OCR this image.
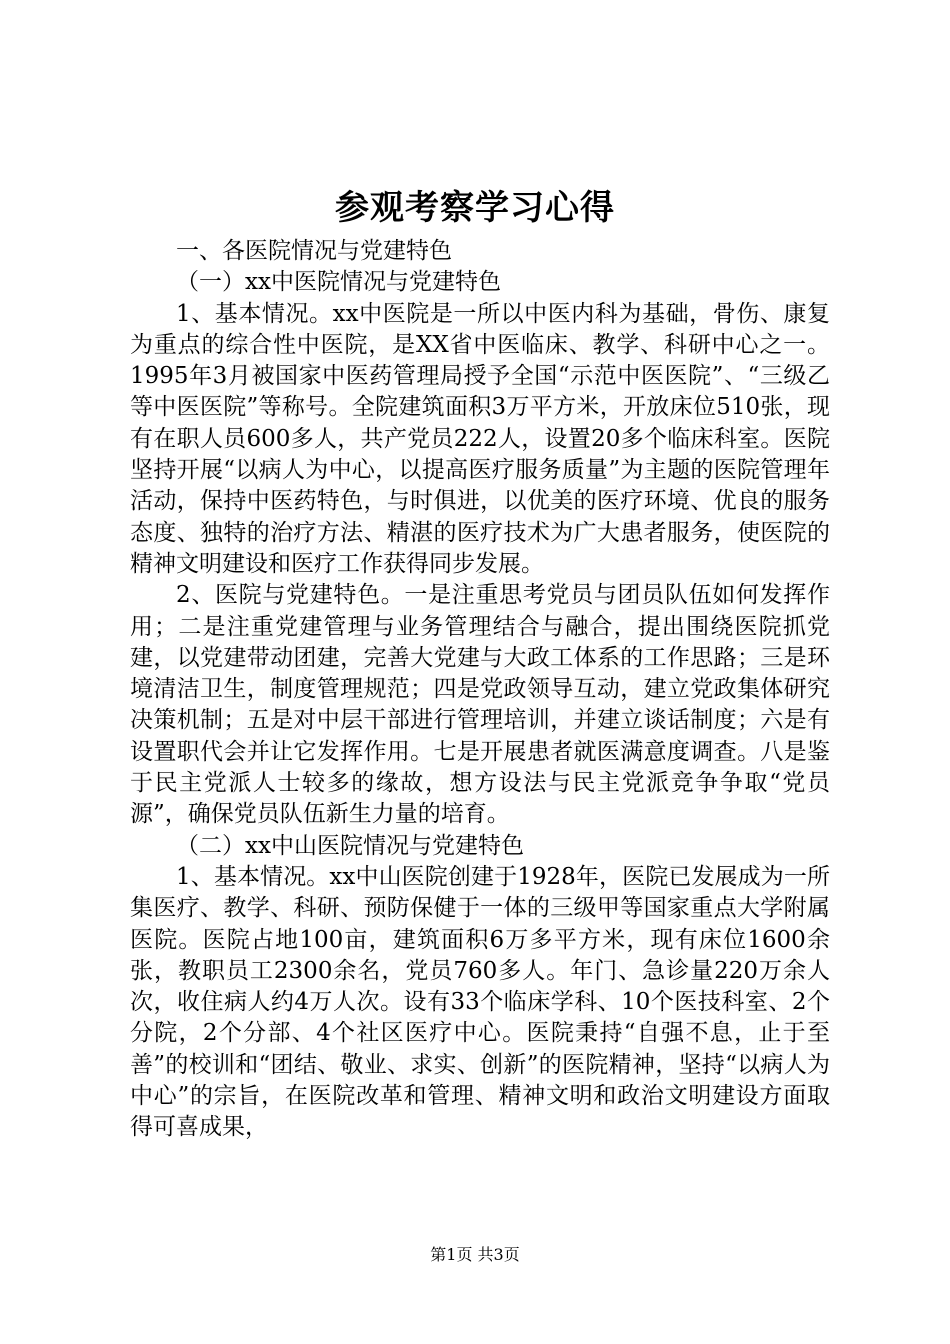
参观考察学习心得

一、各医院情况与党建特色

（一）xx中医院情况与党建特色

1、基本情况。xx中医院是一所以中医内科为基础，骨伤、康复为重点的综合性中医院，是XX省中医临床、教学、科研中心之一。1995年3月被国家中医药管理局授予全国“示范中医医院”、“三级乙等中医医院”等称号。全院建筑面积3万平方米，开放床位510张，现有在职人员600多人，共产党员222人，设置20多个临床科室。医院坚持开展“以病人为中心，以提高医疗服务质量”为主题的医院管理年活动，保持中医药特色，与时俱进，以优美的医疗环境、优良的服务态度、独特的治疗方法、精湛的医疗技术为广大患者服务，使医院的精神文明建设和医疗工作获得同步发展。

2、医院与党建特色。一是注重思考党员与团员队伍如何发挥作用；二是注重党建管理与业务管理结合与融合，提出围绕医院抓党建，以党建带动团建，完善大党建与大政工体系的工作思路；三是环境清洁卫生，制度管理规范；四是党政领导互动，建立党政集体研究决策机制；五是对中层干部进行管理培训，并建立谈话制度；六是有设置职代会并让它发挥作用。七是开展患者就医满意度调查。八是鉴于民主党派人士较多的缘故，想方设法与民主党派竞争争取“党员源”，确保党员队伍新生力量的培育。

（二）xx中山医院情况与党建特色

1、基本情况。xx中山医院创建于1928年，医院已发展成为一所集医疗、教学、科研、预防保健于一体的三级甲等国家重点大学附属医院。医院占地100亩，建筑面积6万多平方米，现有床位1600余张，教职员工2300余名，党员760多人。年门、急诊量220万余人次，收住病人约4万人次。设有33个临床学科、10个医技科室、2个分院，2个分部、4个社区医疗中心。医院秉持“自强不息，止于至善”的校训和“团结、敬业、求实、创新”的医院精神，坚持“以病人为中心”的宗旨，在医院改革和管理、精神文明和政治文明建设方面取得可喜成果，

第1页 共3页
